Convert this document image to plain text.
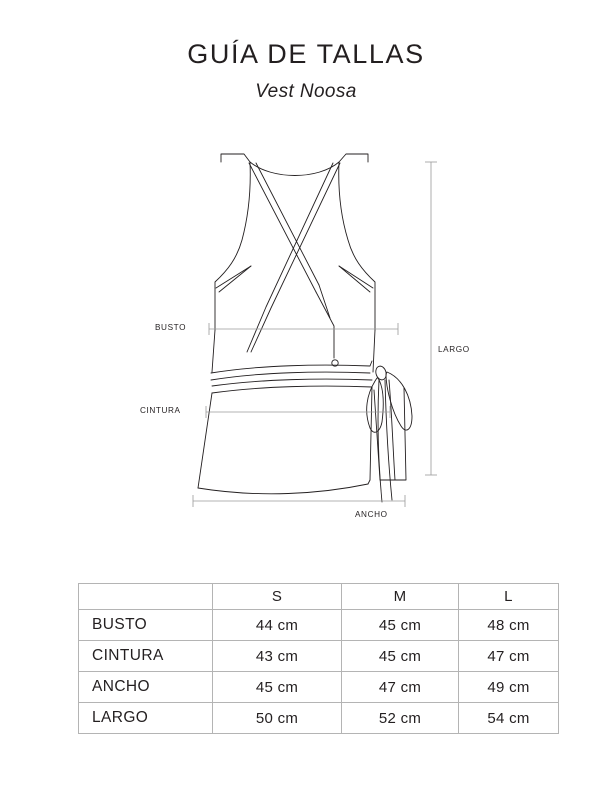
GUÍA DE TALLAS

Vest Noosa

BUSTO
CINTURA
LARGO
ANCHO
	S	M	L
BUSTO	44 cm	45 cm	48 cm
CINTURA	43 cm	45 cm	47 cm
ANCHO	45 cm	47 cm	49 cm
LARGO	50 cm	52 cm	54 cm
